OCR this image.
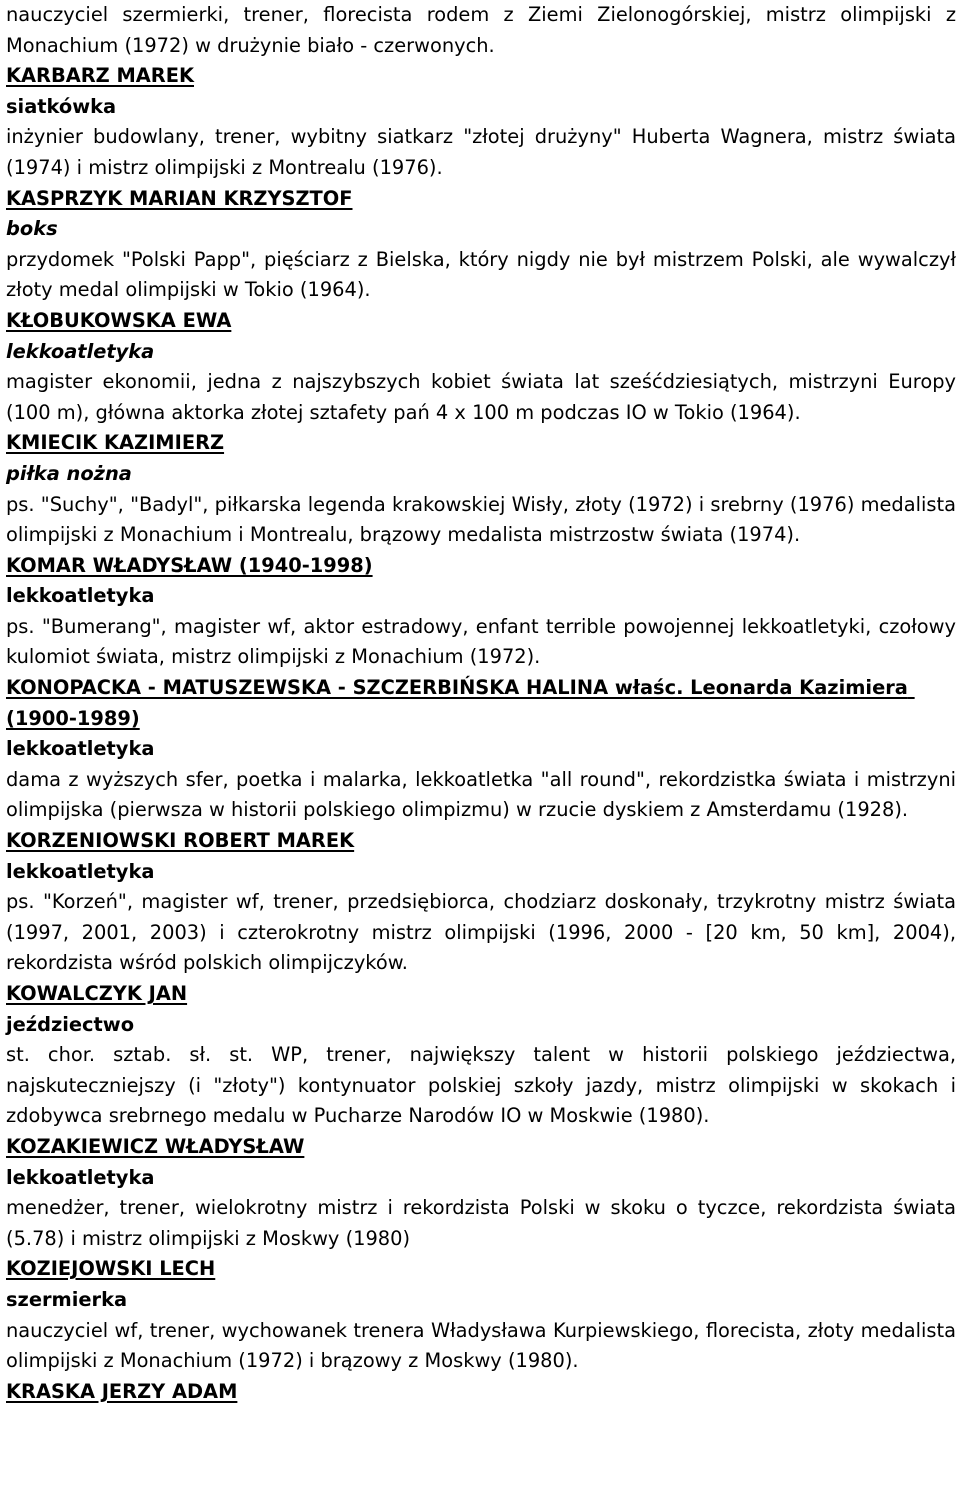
nauczyciel szermierki, trener, florecista rodem z Ziemi Zielonogórskiej, mistrz olimpijski z Monachium (1972) w drużynie biało - czerwonych.

KARBARZ MAREK

siatkówka

inżynier budowlany, trener, wybitny siatkarz "złotej drużyny" Huberta Wagnera, mistrz świata (1974) i mistrz olimpijski z Montrealu (1976).

KASPRZYK MARIAN KRZYSZTOF

boks

przydomek "Polski Papp", pięściarz z Bielska, który nigdy nie był mistrzem Polski, ale wywalczył złoty medal olimpijski w Tokio (1964).

KŁOBUKOWSKA EWA

lekkoatletyka

magister ekonomii, jedna z najszybszych kobiet świata lat sześćdziesiątych, mistrzyni Europy (100 m), główna aktorka złotej sztafety pań 4 x 100 m podczas IO w Tokio (1964).

KMIECIK KAZIMIERZ

piłka nożna

ps. "Suchy", "Badyl", piłkarska legenda krakowskiej Wisły, złoty (1972) i srebrny (1976) medalista olimpijski z Monachium i Montrealu, brązowy medalista mistrzostw świata (1974).

KOMAR WŁADYSŁAW (1940-1998)

lekkoatletyka

ps. "Bumerang", magister wf, aktor estradowy, enfant terrible powojennej lekkoatletyki, czołowy kulomiot świata, mistrz olimpijski z Monachium (1972).

KONOPACKA - MATUSZEWSKA - SZCZERBIŃSKA HALINA właśc. Leonarda Kazimiera (1900-1989)

lekkoatletyka

dama z wyższych sfer, poetka i malarka, lekkoatletka "all round", rekordzistka świata i mistrzyni olimpijska (pierwsza w historii polskiego olimpizmu) w rzucie dyskiem z Amsterdamu (1928).

KORZENIOWSKI ROBERT MAREK

lekkoatletyka

ps. "Korzeń", magister wf, trener, przedsiębiorca, chodziarz doskonały, trzykrotny mistrz świata (1997, 2001, 2003) i czterokrotny mistrz olimpijski (1996, 2000 - [20 km, 50 km], 2004), rekordzista wśród polskich olimpijczyków.

KOWALCZYK JAN

jeździectwo

st. chor. sztab. sł. st. WP, trener, największy talent w historii polskiego jeździectwa, najskuteczniejszy (i "złoty") kontynuator polskiej szkoły jazdy, mistrz olimpijski w skokach i zdobywca srebrnego medalu w Pucharze Narodów IO w Moskwie (1980).

KOZAKIEWICZ WŁADYSŁAW

lekkoatletyka

menedżer, trener, wielokrotny mistrz i rekordzista Polski w skoku o tyczce, rekordzista świata (5.78) i mistrz olimpijski z Moskwy (1980)

KOZIEJOWSKI LECH

szermierka

nauczyciel wf, trener, wychowanek trenera Władysława Kurpiewskiego, florecista, złoty medalista olimpijski z Monachium (1972) i brązowy z Moskwy (1980).

KRASKA JERZY ADAM
